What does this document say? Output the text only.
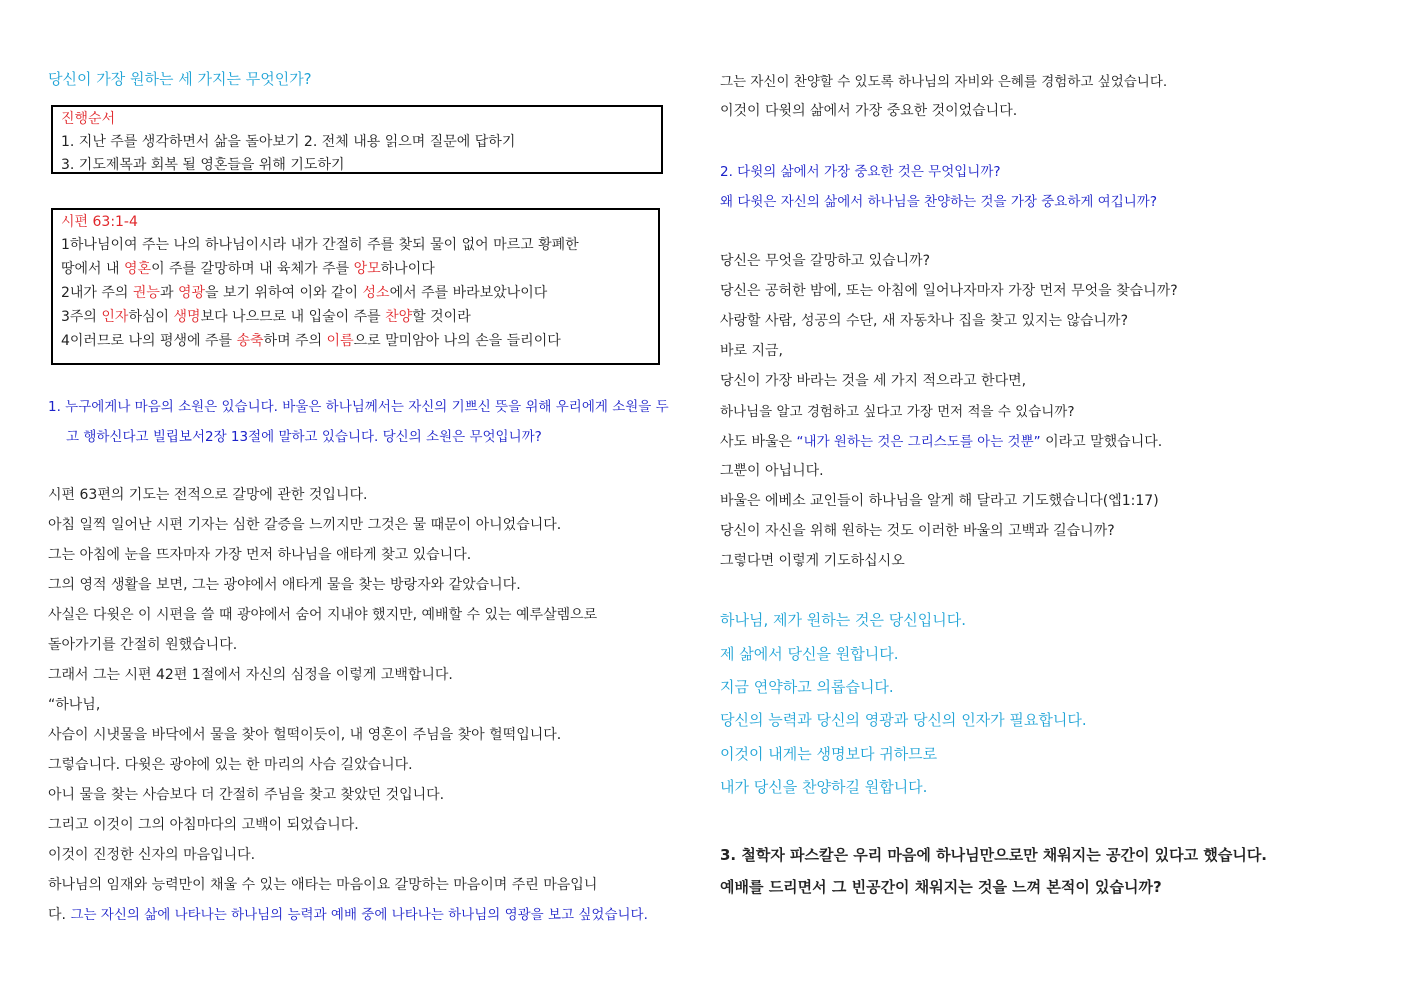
당신이 가장 원하는 세 가지는 무엇인가?
진행순서
1. 지난 주를 생각하면서 삶을 돌아보기 2. 전체 내용 읽으며 질문에 답하기
3. 기도제목과 회복 될 영혼들을 위해 기도하기
시편 63:1-4
1하나님이여 주는 나의 하나님이시라 내가 간절히 주를 찾되 물이 없어 마르고 황폐한
땅에서 내 영혼이 주를 갈망하며 내 육체가 주를 앙모하나이다
2내가 주의 권능과 영광을 보기 위하여 이와 같이 성소에서 주를 바라보았나이다
3주의 인자하심이 생명보다 나으므로 내 입술이 주를 찬양할 것이라
4이러므로 나의 평생에 주를 송축하며 주의 이름으로 말미암아 나의 손을 들리이다
1. 누구에게나 마음의 소원은 있습니다. 바울은 하나님께서는 자신의 기쁘신 뜻을 위해 우리에게 소원을 두
고 행하신다고 빌립보서2장 13절에 말하고 있습니다. 당신의 소원은 무엇입니까?
시편 63편의 기도는 전적으로 갈망에 관한 것입니다.
아침 일찍 일어난 시편 기자는 심한 갈증을 느끼지만 그것은 물 때문이 아니었습니다.
그는 아침에 눈을 뜨자마자 가장 먼저 하나님을 애타게 찾고 있습니다.
그의 영적 생활을 보면, 그는 광야에서 애타게 물을 찾는 방랑자와 같았습니다.
사실은 다윗은 이 시편을 쓸 때 광야에서 숨어 지내야 했지만, 예배할 수 있는 예루살렘으로
돌아가기를 간절히 원했습니다.
그래서 그는 시편 42편 1절에서 자신의 심정을 이렇게 고백합니다.
“하나님,
사슴이 시냇물을 바닥에서 물을 찾아 헐떡이듯이, 내 영혼이 주님을 찾아 헐떡입니다.
그렇습니다. 다윗은 광야에 있는 한 마리의 사슴 길았습니다.
아니 물을 찾는 사슴보다 더 간절히 주님을 찾고 찾았던 것입니다.
그리고 이것이 그의 아침마다의 고백이 되었습니다.
이것이 진정한 신자의 마음입니다.
하나님의 임재와 능력만이 채울 수 있는 애타는 마음이요 갈망하는 마음이며 주린 마음입니
다. 그는 자신의 삶에 나타나는 하나님의 능력과 예배 중에 나타나는 하나님의 영광을 보고 싶었습니다.
그는 자신이 찬양할 수 있도록 하나님의 자비와 은혜를 경험하고 싶었습니다.
이것이 다윗의 삶에서 가장 중요한 것이었습니다.
2. 다윗의 삶에서 가장 중요한 것은 무엇입니까?
왜 다윗은 자신의 삶에서 하나님을 찬양하는 것을 가장 중요하게 여깁니까?
당신은 무엇을 갈망하고 있습니까?
당신은 공허한 밤에, 또는 아침에 일어나자마자 가장 먼저 무엇을 찾습니까?
사랑할 사람, 성공의 수단, 새 자동차나 집을 찾고 있지는 않습니까?
바로 지금,
당신이 가장 바라는 것을 세 가지 적으라고 한다면,
하나님을 알고 경험하고 싶다고 가장 먼저 적을 수 있습니까?
사도 바울은 “내가 원하는 것은 그리스도를 아는 것뿐” 이라고 말했습니다.
그뿐이 아닙니다.
바울은 에베소 교인들이 하나님을 알게 해 달라고 기도했습니다(엡1:17)
당신이 자신을 위해 원하는 것도 이러한 바울의 고백과 길습니까?
그렇다면 이렇게 기도하십시오
하나님, 제가 원하는 것은 당신입니다.
제 삶에서 당신을 원합니다.
지금 연약하고 의롭습니다.
당신의 능력과 당신의 영광과 당신의 인자가 필요합니다.
이것이 내게는 생명보다 귀하므로
내가 당신을 찬양하길 원합니다.
3. 철학자 파스칼은 우리 마음에 하나님만으로만 채워지는 공간이 있다고 했습니다.
예배를 드리면서 그 빈공간이 채워지는 것을 느껴 본적이 있습니까?
